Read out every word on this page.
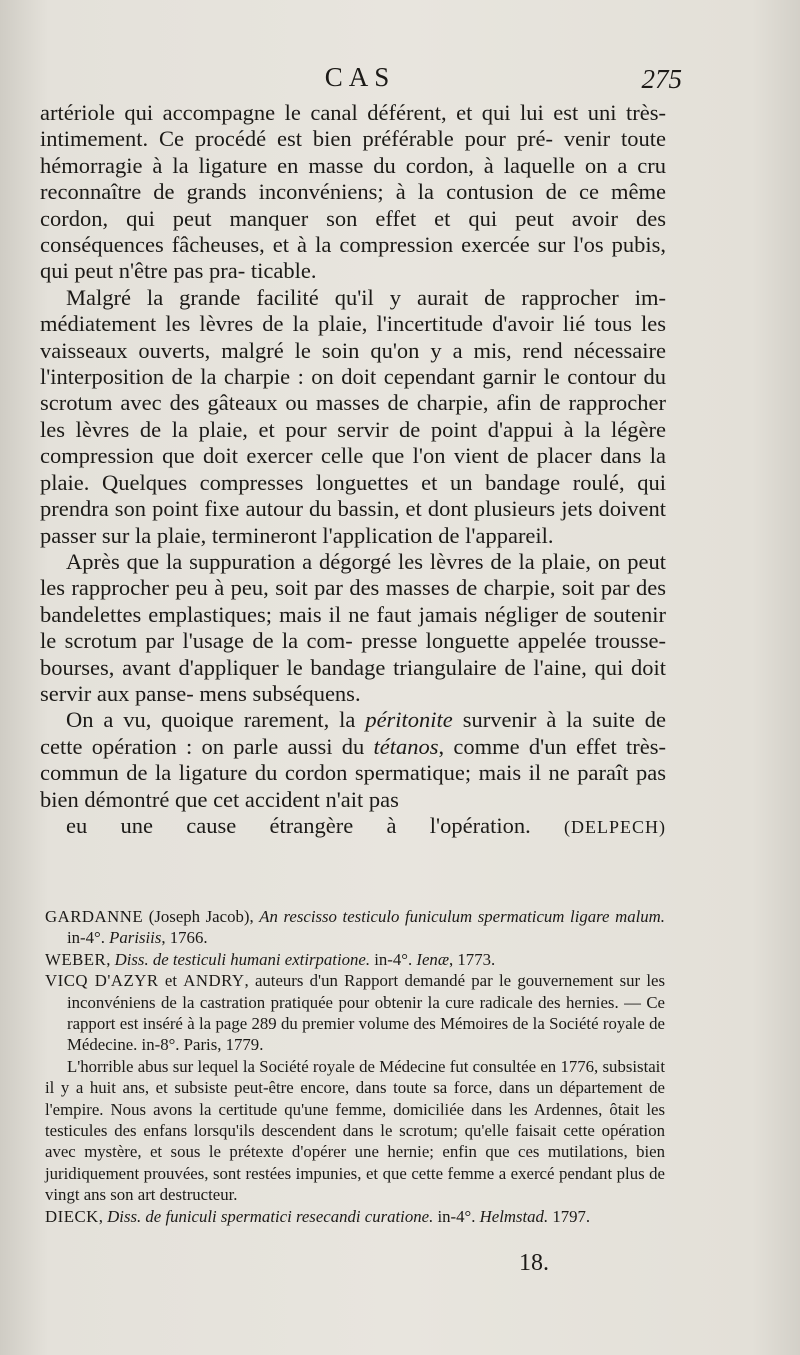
CAS	275

artériole qui accompagne le canal déférent, et qui lui est uni très-intimement. Ce procédé est bien préférable pour pré- venir toute hémorragie à la ligature en masse du cordon, à laquelle on a cru reconnaître de grands inconvéniens; à la contusion de ce même cordon, qui peut manquer son effet et qui peut avoir des conséquences fâcheuses, et à la compression exercée sur l'os pubis, qui peut n'être pas pra- ticable.

Malgré la grande facilité qu'il y aurait de rapprocher im- médiatement les lèvres de la plaie, l'incertitude d'avoir lié tous les vaisseaux ouverts, malgré le soin qu'on y a mis, rend nécessaire l'interposition de la charpie : on doit cependant garnir le contour du scrotum avec des gâteaux ou masses de charpie, afin de rapprocher les lèvres de la plaie, et pour servir de point d'appui à la légère compression que doit exercer celle que l'on vient de placer dans la plaie. Quelques compresses longuettes et un bandage roulé, qui prendra son point fixe autour du bassin, et dont plusieurs jets doivent passer sur la plaie, termineront l'application de l'appareil.

Après que la suppuration a dégorgé les lèvres de la plaie, on peut les rapprocher peu à peu, soit par des masses de charpie, soit par des bandelettes emplastiques; mais il ne faut jamais négliger de soutenir le scrotum par l'usage de la com- presse longuette appelée trousse-bourses, avant d'appliquer le bandage triangulaire de l'aine, qui doit servir aux panse- mens subséquens.

On a vu, quoique rarement, la péritonite survenir à la suite de cette opération : on parle aussi du tétanos, comme d'un effet très-commun de la ligature du cordon spermatique; mais il ne paraît pas bien démontré que cet accident n'ait pas
eu une cause étrangère à l'opération. (DELPECH)

GARDANNE (Joseph Jacob), An rescisso testiculo funiculum spermaticum ligare malum. in-4°. Parisiis, 1766.

WEBER, Diss. de testiculi humani extirpatione. in-4°. Ienæ, 1773.

VICQ D'AZYR et ANDRY, auteurs d'un Rapport demandé par le gouvernement sur les inconvéniens de la castration pratiquée pour obtenir la cure radicale des hernies. — Ce rapport est inséré à la page 289 du premier volume des Mémoires de la Société royale de Médecine. in-8°. Paris, 1779.

L'horrible abus sur lequel la Société royale de Médecine fut consultée en 1776, subsistait il y a huit ans, et subsiste peut-être encore, dans toute sa force, dans un département de l'empire. Nous avons la certitude qu'une femme, domiciliée dans les Ardennes, ôtait les testicules des enfans lorsqu'ils descendent dans le scrotum; qu'elle faisait cette opération avec mystère, et sous le prétexte d'opérer une hernie; enfin que ces mutilations, bien juridiquement prouvées, sont restées impunies, et que cette femme a exercé pendant plus de vingt ans son art destructeur.

DIECK, Diss. de funiculi spermatici resecandi curatione. in-4°. Helmstad. 1797.

18.
